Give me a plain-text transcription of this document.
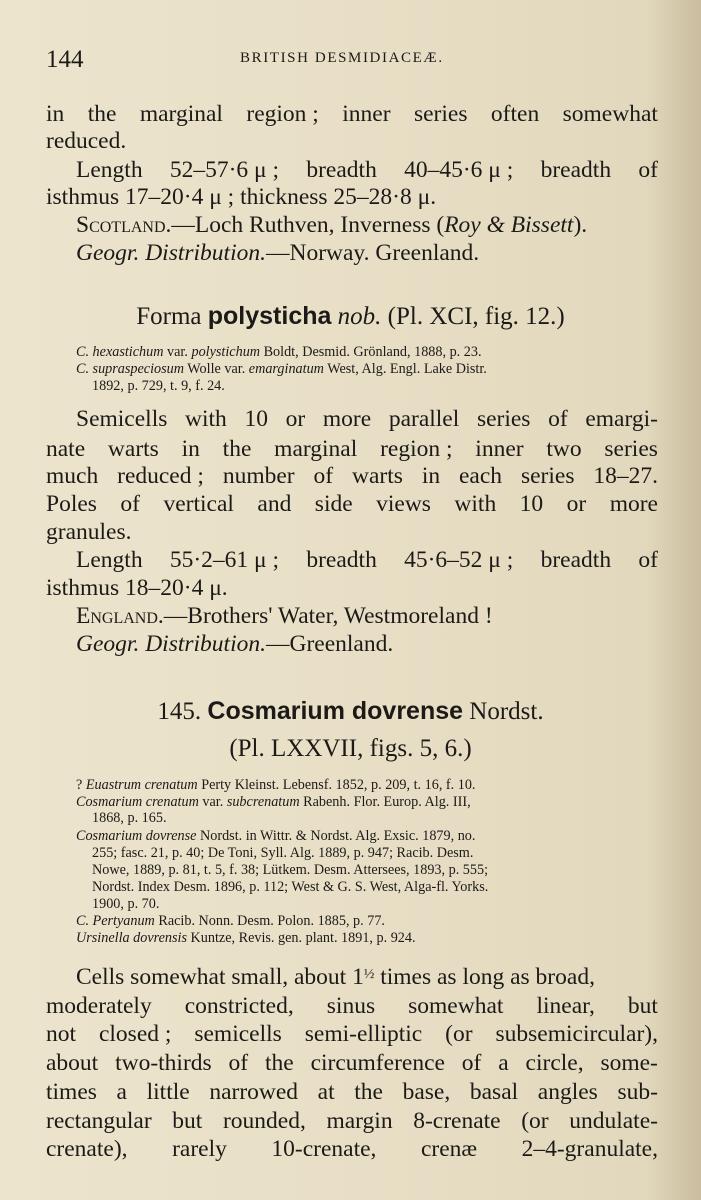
144	BRITISH DESMIDIACEÆ.
in the marginal region ; inner series often somewhat
reduced.
Length 52–57·6 μ ; breadth 40–45·6 μ ; breadth of
isthmus 17–20·4 μ ; thickness 25–28·8 μ.
Scotland.—Loch Ruthven, Inverness (Roy & Bissett).
Geogr. Distribution.—Norway. Greenland.
Forma polysticha nob. (Pl. XCI, fig. 12.)
C. hexastichum var. polystichum Boldt, Desmid. Grönland, 1888, p. 23.
C. supraspeciosum Wolle var. emarginatum West, Alg. Engl. Lake Distr.
1892, p. 729, t. 9, f. 24.
Semicells with 10 or more parallel series of emargi-
nate warts in the marginal region ; inner two series
much reduced ; number of warts in each series 18–27.
Poles of vertical and side views with 10 or more
granules.
Length 55·2–61 μ ; breadth 45·6–52 μ ; breadth of
isthmus 18–20·4 μ.
England.—Brothers' Water, Westmoreland !
Geogr. Distribution.—Greenland.
145. Cosmarium dovrense Nordst.
(Pl. LXXVII, figs. 5, 6.)
? Euastrum crenatum Perty Kleinst. Lebensf. 1852, p. 209, t. 16, f. 10.
Cosmarium crenatum var. subcrenatum Rabenh. Flor. Europ. Alg. III,
1868, p. 165.
Cosmarium dovrense Nordst. in Wittr. & Nordst. Alg. Exsic. 1879, no.
255; fasc. 21, p. 40; De Toni, Syll. Alg. 1889, p. 947; Racib. Desm.
Nowe, 1889, p. 81, t. 5, f. 38; Lütkem. Desm. Attersees, 1893, p. 555;
Nordst. Index Desm. 1896, p. 112; West & G. S. West, Alga-fl. Yorks.
1900, p. 70.
C. Pertyanum Racib. Nonn. Desm. Polon. 1885, p. 77.
Ursinella dovrensis Kuntze, Revis. gen. plant. 1891, p. 924.
Cells somewhat small, about $1^{\frac{1}{2}}$ times as long as broad,
moderately constricted, sinus somewhat linear, but
not closed ; semicells semi-elliptic (or subsemicircular),
about two-thirds of the circumference of a circle, some-
times a little narrowed at the base, basal angles sub-
rectangular but rounded, margin 8-crenate (or undulate-
crenate), rarely 10-crenate, crenæ 2–4-granulate,
